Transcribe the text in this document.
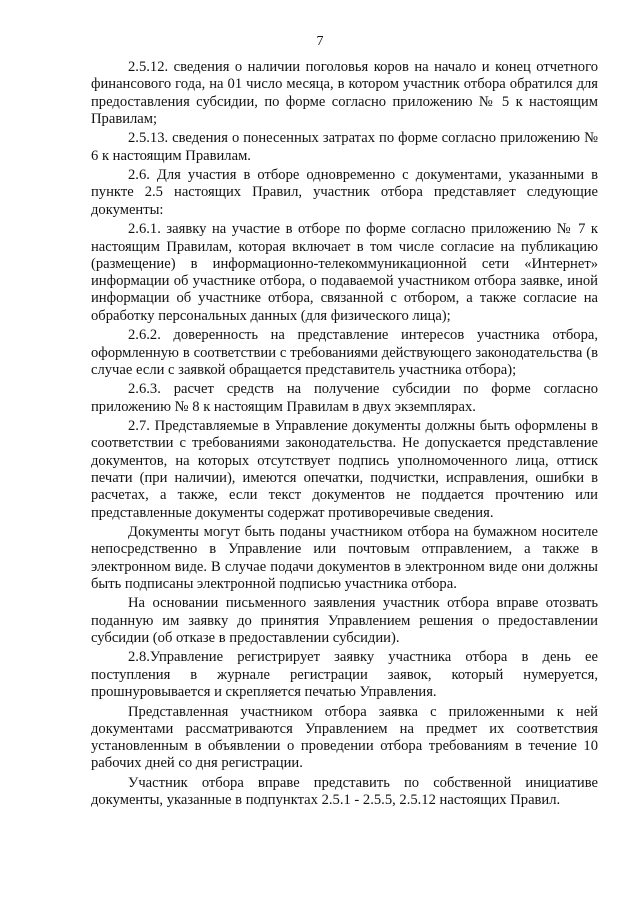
7

2.5.12. сведения о наличии поголовья коров на начало и конец отчетного финансового года, на 01 число месяца, в котором участник отбора обратился для предоставления субсидии, по форме согласно приложению № 5 к настоящим Правилам;

2.5.13. сведения о понесенных затратах по форме согласно приложению № 6 к настоящим Правилам.

2.6. Для участия в отборе одновременно с документами, указанными в пункте 2.5 настоящих Правил, участник отбора представляет следующие документы:

2.6.1. заявку на участие в отборе по форме согласно приложению № 7 к настоящим Правилам, которая включает в том числе согласие на публикацию (размещение) в информационно-телекоммуникационной сети «Интернет» информации об участнике отбора, о подаваемой участником отбора заявке, иной информации об участнике отбора, связанной с отбором, а также согласие на обработку персональных данных (для физического лица);

2.6.2. доверенность на представление интересов участника отбора, оформленную в соответствии с требованиями действующего законодательства (в случае если с заявкой обращается представитель участника отбора);

2.6.3. расчет средств на получение субсидии по форме согласно приложению № 8 к настоящим Правилам в двух экземплярах.

2.7. Представляемые в Управление документы должны быть оформлены в соответствии с требованиями законодательства. Не допускается представление документов, на которых отсутствует подпись уполномоченного лица, оттиск печати (при наличии), имеются опечатки, подчистки, исправления, ошибки в расчетах, а также, если текст документов не поддается прочтению или представленные документы содержат противоречивые сведения.

Документы могут быть поданы участником отбора на бумажном носителе непосредственно в Управление или почтовым отправлением, а также в электронном виде. В случае подачи документов в электронном виде они должны быть подписаны электронной подписью участника отбора.

На основании письменного заявления участник отбора вправе отозвать поданную им заявку до принятия Управлением решения о предоставлении субсидии (об отказе в предоставлении субсидии).

2.8.Управление регистрирует заявку участника отбора в день ее поступления в журнале регистрации заявок, который нумеруется, прошнуровывается и скрепляется печатью Управления.

Представленная участником отбора заявка с приложенными к ней документами рассматриваются Управлением на предмет их соответствия установленным в объявлении о проведении отбора требованиям в течение 10 рабочих дней со дня регистрации.

Участник отбора вправе представить по собственной инициативе документы, указанные в подпунктах 2.5.1 - 2.5.5, 2.5.12 настоящих Правил.
